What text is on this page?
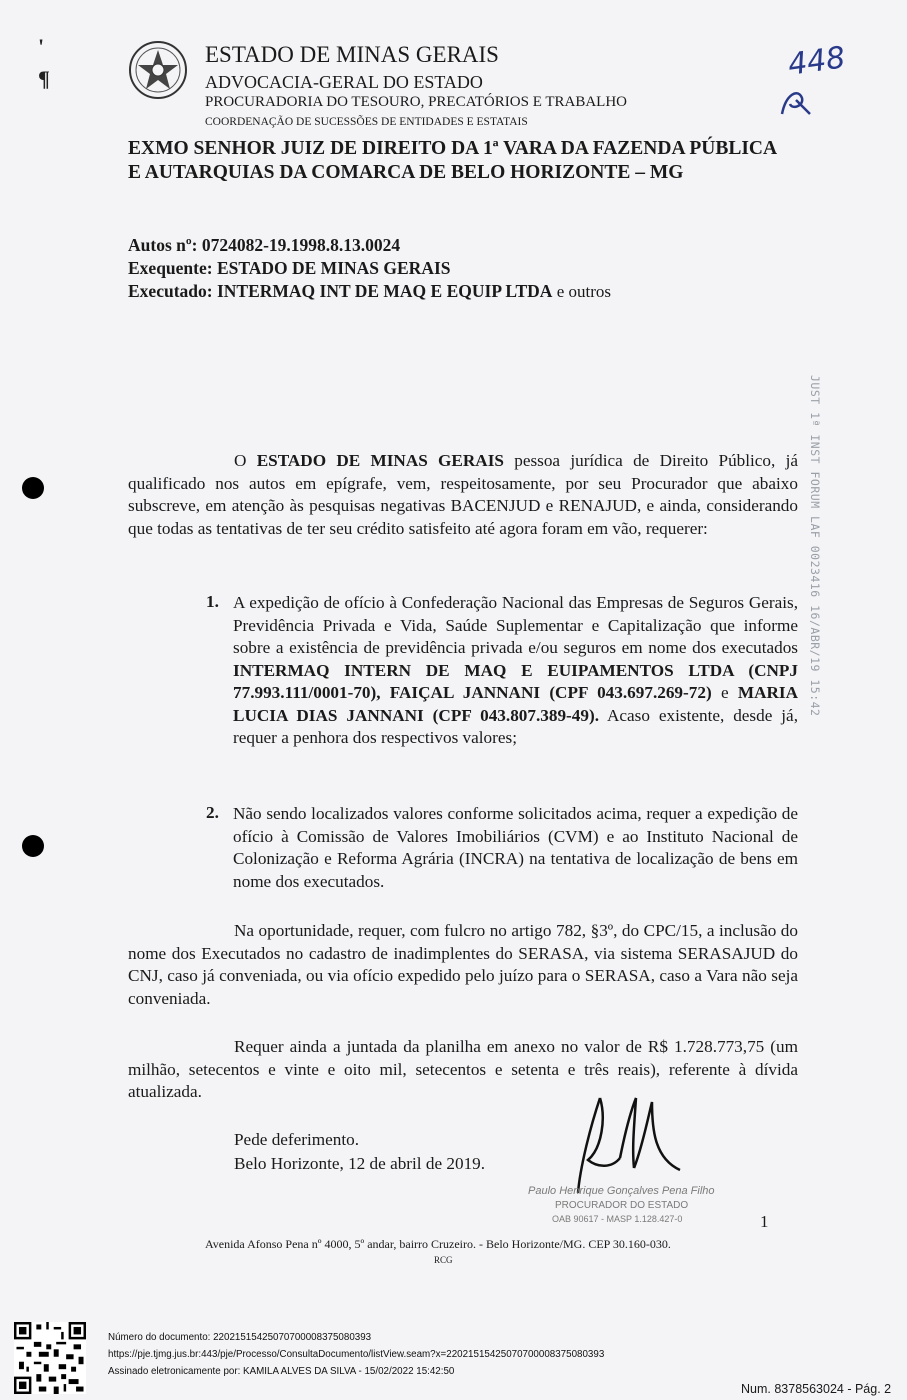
'
¶
ESTADO DE MINAS GERAIS
ADVOCACIA-GERAL DO ESTADO
PROCURADORIA DO TESOURO, PRECATÓRIOS E TRABALHO
COORDENAÇÃO DE SUCESSÕES DE ENTIDADES E ESTATAIS
448
EXMO SENHOR JUIZ DE DIREITO DA 1ª VARA DA FAZENDA PÚBLICA
E AUTARQUIAS DA COMARCA DE BELO HORIZONTE – MG
Autos nº: 0724082-19.1998.8.13.0024
Exequente: ESTADO DE MINAS GERAIS
Executado: INTERMAQ INT DE MAQ E EQUIP LTDA e outros
JUST 1ª INST FORUM LAF 0023416 16/ABR/19 15:42
O ESTADO DE MINAS GERAIS pessoa jurídica de Direito Público, já qualificado nos autos em epígrafe, vem, respeitosamente, por seu Procurador que abaixo subscreve, em atenção às pesquisas negativas BACENJUD e RENAJUD, e ainda, considerando que todas as tentativas de ter seu crédito satisfeito até agora foram em vão, requerer:
1. A expedição de ofício à Confederação Nacional das Empresas de Seguros Gerais, Previdência Privada e Vida, Saúde Suplementar e Capitalização que informe sobre a existência de previdência privada e/ou seguros em nome dos executados INTERMAQ INTERN DE MAQ E EUIPAMENTOS LTDA (CNPJ 77.993.111/0001-70), FAIÇAL JANNANI (CPF 043.697.269-72) e MARIA LUCIA DIAS JANNANI (CPF 043.807.389-49). Acaso existente, desde já, requer a penhora dos respectivos valores;
2. Não sendo localizados valores conforme solicitados acima, requer a expedição de ofício à Comissão de Valores Imobiliários (CVM) e ao Instituto Nacional de Colonização e Reforma Agrária (INCRA) na tentativa de localização de bens em nome dos executados.
Na oportunidade, requer, com fulcro no artigo 782, §3º, do CPC/15, a inclusão do nome dos Executados no cadastro de inadimplentes do SERASA, via sistema SERASAJUD do CNJ, caso já conveniada, ou via ofício expedido pelo juízo para o SERASA, caso a Vara não seja conveniada.
Requer ainda a juntada da planilha em anexo no valor de R$ 1.728.773,75 (um milhão, setecentos e vinte e oito mil, setecentos e setenta e três reais), referente à dívida atualizada.
Pede deferimento.
Belo Horizonte, 12 de abril de 2019.
Paulo Henrique Gonçalves Pena Filho
PROCURADOR DO ESTADO
OAB 90617 - MASP 1.128.427-0	1
Avenida Afonso Pena nº 4000, 5º andar, bairro Cruzeiro. - Belo Horizonte/MG. CEP 30.160-030.
RCG
Número do documento: 22021515425070700008375080393
https://pje.tjmg.jus.br:443/pje/Processo/ConsultaDocumento/listView.seam?x=22021515425070700008375080393
Assinado eletronicamente por: KAMILA ALVES DA SILVA - 15/02/2022 15:42:50
Num. 8378563024 - Pág. 2
